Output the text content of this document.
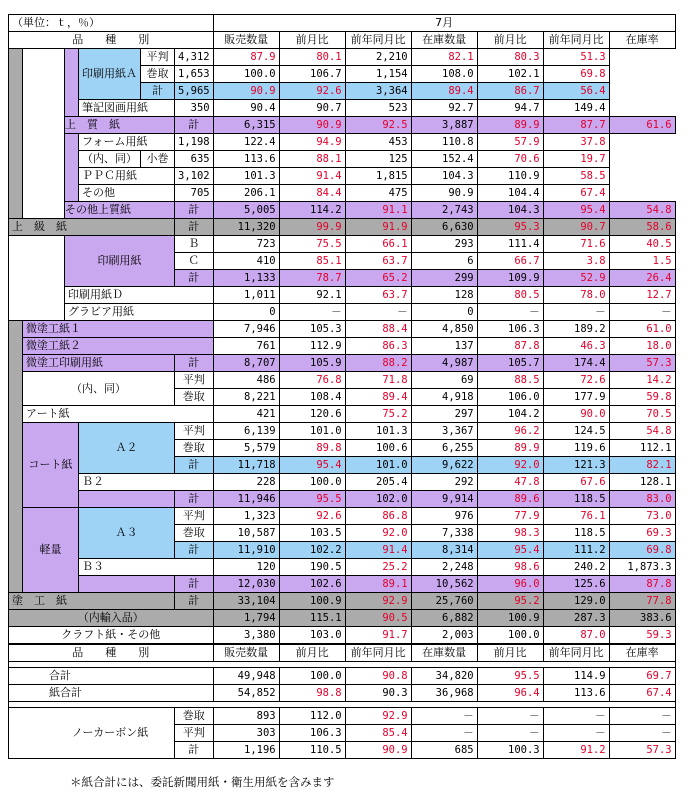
（単位：ｔ，％）						7月						
品　　種　　別						販売数量	前月比	前年同月比	在庫数量	前月比	前年同月比	在庫率
			印刷用紙Ａ	平判	4,312	87.9	80.1	2,210	82.1	80.3	51.3	
				巻取	1,653	100.0	106.7	1,154	108.0	102.1	69.8	
				計	5,965	90.9	92.6	3,364	89.4	86.7	56.4	
			筆記図画用紙		350	90.4	90.7	523	92.7	94.7	149.4	
		上　質　紙			計	6,315	90.9	92.5	3,887	89.9	87.7	61.6
			フォーム用紙		1,198	122.4	94.9	453	110.8	57.9	37.8	
			（内、同）	小巻	635	113.6	88.1	125	152.4	70.6	19.7	
			ＰＰＣ用紙		3,102	101.3	91.4	1,815	104.3	110.9	58.5	
			その他		705	206.1	84.4	475	90.9	104.4	67.4	
		その他上質紙			計	5,005	114.2	91.1	2,743	104.3	95.4	54.8
上　級　紙					計	11,320	99.9	91.9	6,630	95.3	90.7	58.6
		印刷用紙			Ｂ	723	75.5	66.1	293	111.4	71.6	40.5
					Ｃ	410	85.1	63.7	6	66.7	3.8	1.5
					計	1,133	78.7	65.2	299	109.9	52.9	26.4
		印刷用紙Ｄ				1,011	92.1	63.7	128	80.5	78.0	12.7
		グラビア用紙				0	－	－	0	－	－	－
	微塗工紙１					7,946	105.3	88.4	4,850	106.3	189.2	61.0
	微塗工紙２					761	112.9	86.3	137	87.8	46.3	18.0
	微塗工印刷用紙				計	8,707	105.9	88.2	4,987	105.7	174.4	57.3
	（内、同）				平判	486	76.8	71.8	69	88.5	72.6	14.2
					巻取	8,221	108.4	89.4	4,918	106.0	177.9	59.8
	アート紙					421	120.6	75.2	297	104.2	90.0	70.5
	コート紙		Ａ２		平判	6,139	101.0	101.3	3,367	96.2	124.5	54.8
					巻取	5,579	89.8	100.6	6,255	89.9	119.6	112.1
					計	11,718	95.4	101.0	9,622	92.0	121.3	82.1
			Ｂ２			228	100.0	205.4	292	47.8	67.6	128.1
					計	11,946	95.5	102.0	9,914	89.6	118.5	83.0
	軽量		Ａ３		平判	1,323	92.6	86.8	976	77.9	76.1	73.0
					巻取	10,587	103.5	92.0	7,338	98.3	118.5	69.3
					計	11,910	102.2	91.4	8,314	95.4	111.2	69.8
			Ｂ３			120	190.5	25.2	2,248	98.6	240.2	1,873.3
					計	12,030	102.6	89.1	10,562	96.0	125.6	87.8
塗　工　紙					計	33,104	100.9	92.9	25,760	95.2	129.0	77.8
（内輸入品）						1,794	115.1	90.5	6,882	100.9	287.3	383.6
クラフト紙・その他						3,380	103.0	91.7	2,003	100.0	87.0	59.3
品　　種　　別						販売数量	前月比	前年同月比	在庫数量	前月比	前年同月比	在庫率

合計						49,948	100.0	90.8	34,820	95.5	114.9	69.7
紙合計						54,852	98.8	90.3	36,968	96.4	113.6	67.4

ノーカーボン紙					巻取	893	112.0	92.9	－	－	－	－
					平判	303	106.3	85.4	－	－	－	－
					計	1,196	110.5	90.9	685	100.3	91.2	57.3
＊紙合計には、委託新聞用紙・衛生用紙を含みます
